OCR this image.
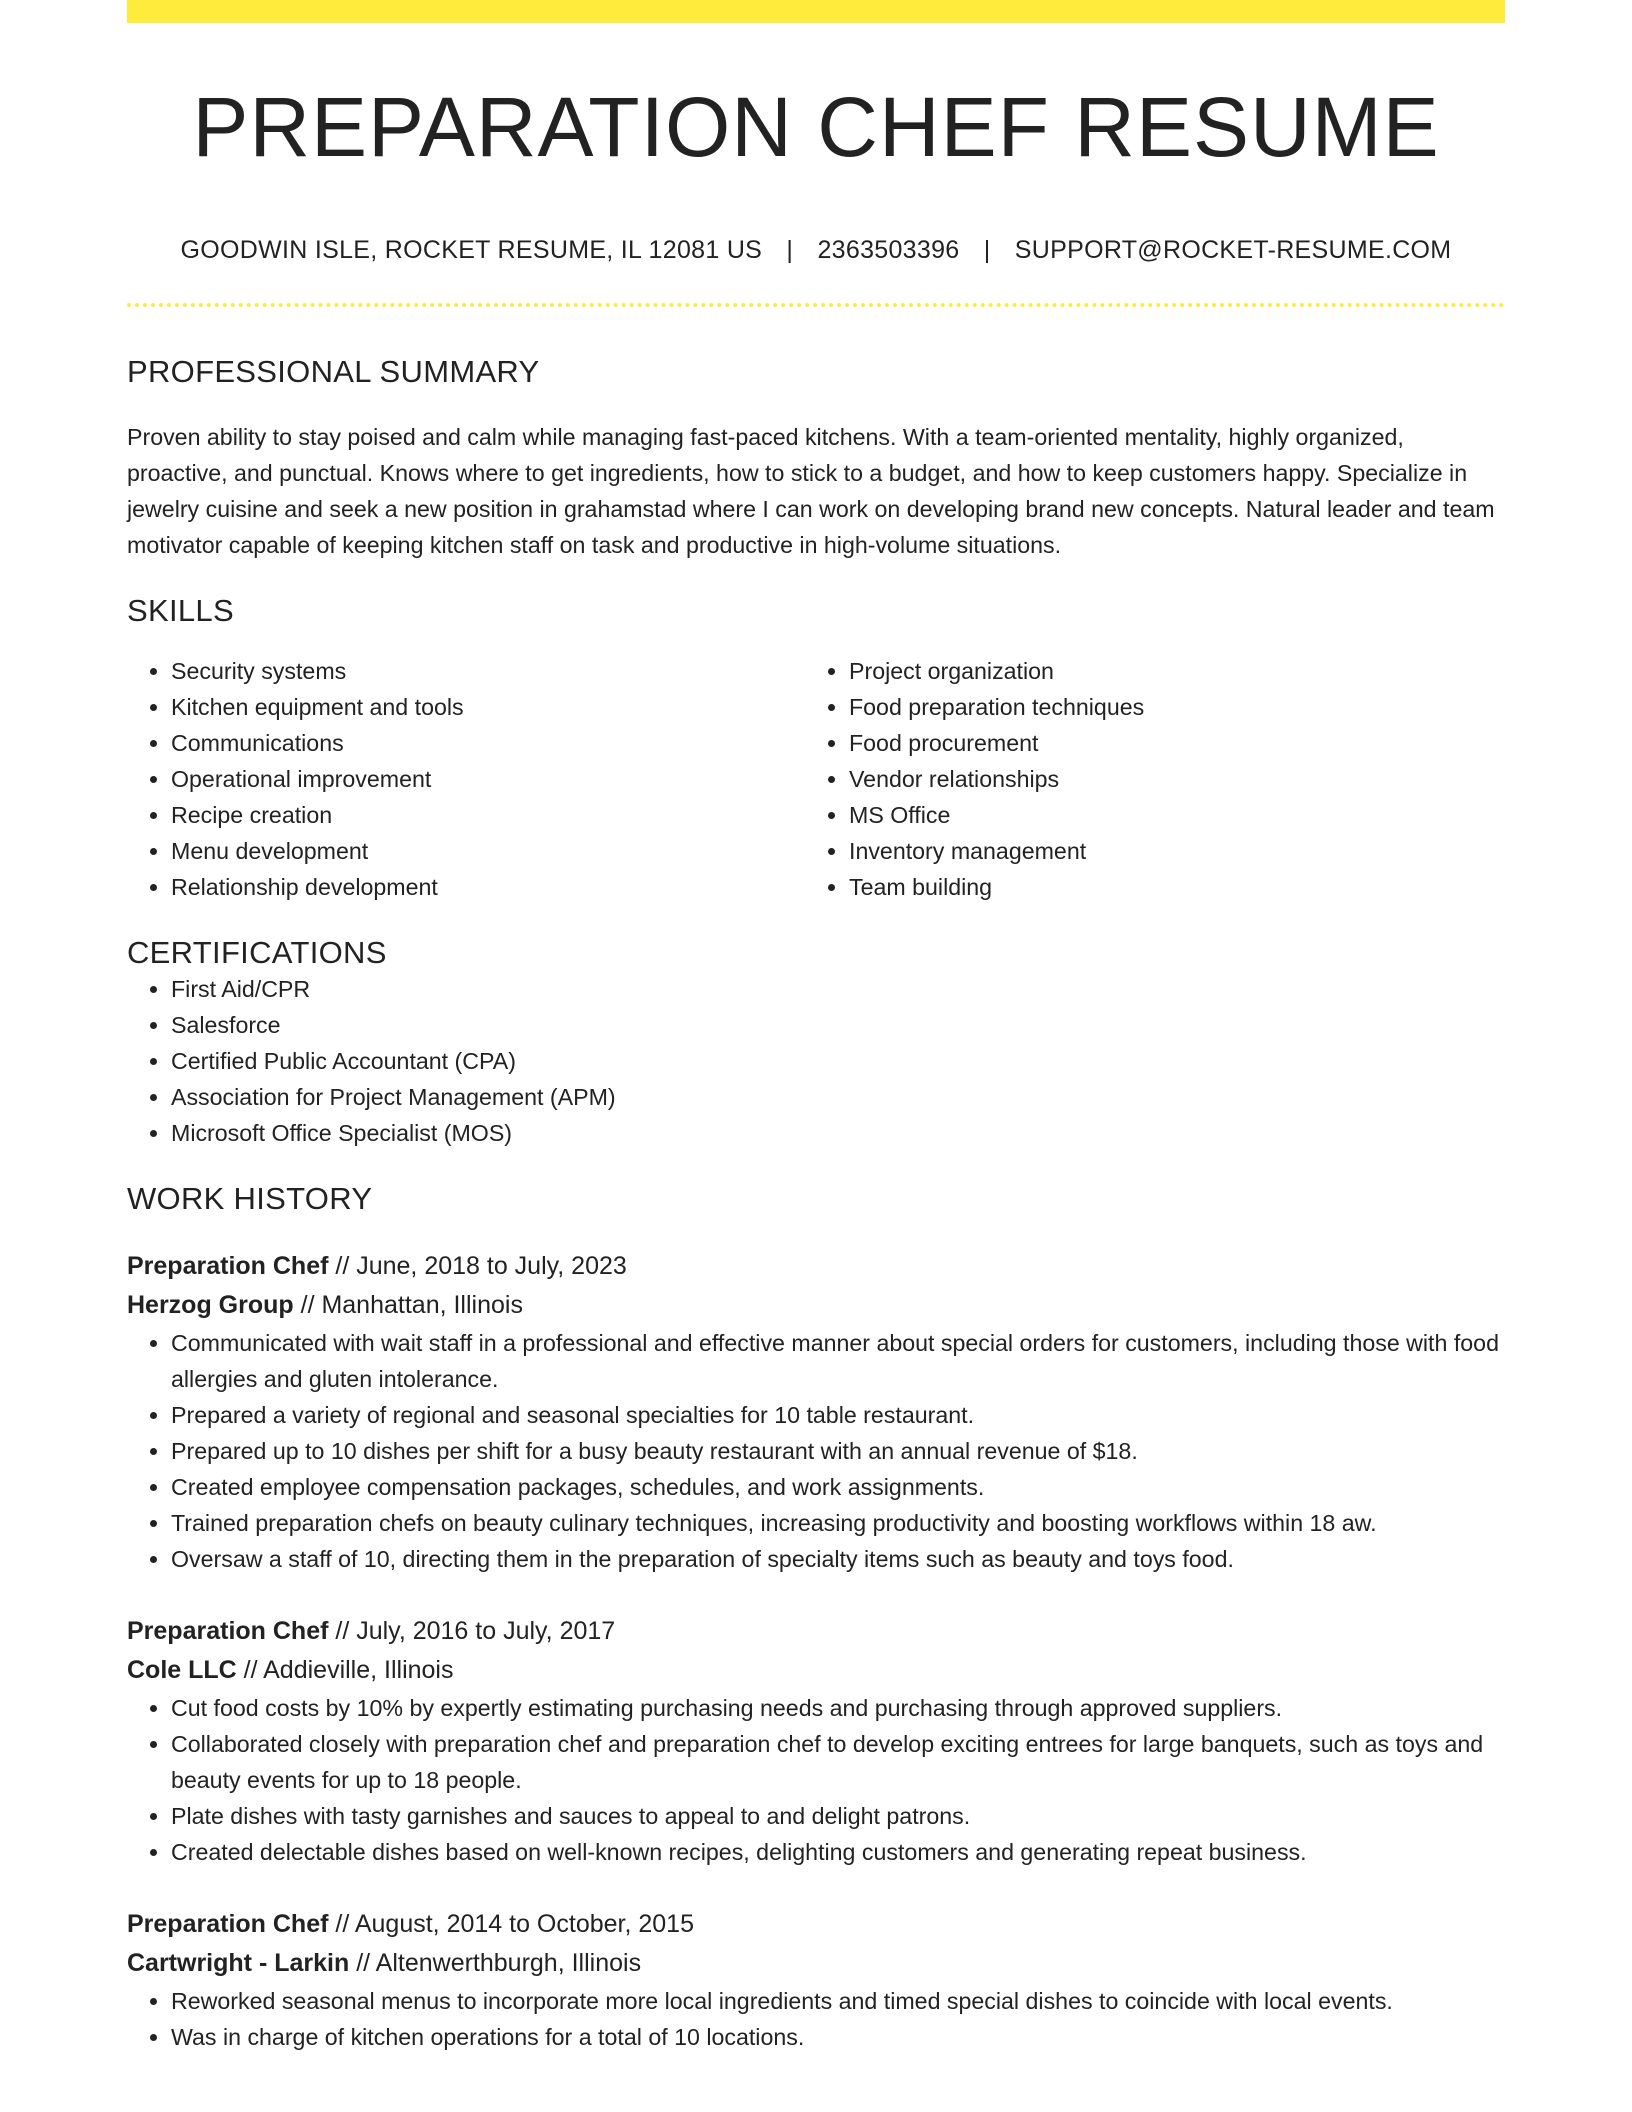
PREPARATION CHEF RESUME
GOODWIN ISLE, ROCKET RESUME, IL 12081 US | 2363503396 | SUPPORT@ROCKET-RESUME.COM
PROFESSIONAL SUMMARY

Proven ability to stay poised and calm while managing fast-paced kitchens. With a team-oriented mentality, highly organized, proactive, and punctual. Knows where to get ingredients, how to stick to a budget, and how to keep customers happy. Specialize in jewelry cuisine and seek a new position in grahamstad where I can work on developing brand new concepts. Natural leader and team motivator capable of keeping kitchen staff on task and productive in high-volume situations.

SKILLS
• Security systems
• Kitchen equipment and tools
• Communications
• Operational improvement
• Recipe creation
• Menu development
• Relationship development
• Project organization
• Food preparation techniques
• Food procurement
• Vendor relationships
• MS Office
• Inventory management
• Team building
CERTIFICATIONS
• First Aid/CPR
• Salesforce
• Certified Public Accountant (CPA)
• Association for Project Management (APM)
• Microsoft Office Specialist (MOS)
WORK HISTORY
Preparation Chef // June, 2018 to July, 2023
Herzog Group // Manhattan, Illinois
• Communicated with wait staff in a professional and effective manner about special orders for customers, including those with food allergies and gluten intolerance.
• Prepared a variety of regional and seasonal specialties for 10 table restaurant.
• Prepared up to 10 dishes per shift for a busy beauty restaurant with an annual revenue of $18.
• Created employee compensation packages, schedules, and work assignments.
• Trained preparation chefs on beauty culinary techniques, increasing productivity and boosting workflows within 18 aw.
• Oversaw a staff of 10, directing them in the preparation of specialty items such as beauty and toys food.
Preparation Chef // July, 2016 to July, 2017
Cole LLC // Addieville, Illinois
• Cut food costs by 10% by expertly estimating purchasing needs and purchasing through approved suppliers.
• Collaborated closely with preparation chef and preparation chef to develop exciting entrees for large banquets, such as toys and beauty events for up to 18 people.
• Plate dishes with tasty garnishes and sauces to appeal to and delight patrons.
• Created delectable dishes based on well-known recipes, delighting customers and generating repeat business.
Preparation Chef // August, 2014 to October, 2015
Cartwright - Larkin // Altenwerthburgh, Illinois
• Reworked seasonal menus to incorporate more local ingredients and timed special dishes to coincide with local events.
• Was in charge of kitchen operations for a total of 10 locations.
